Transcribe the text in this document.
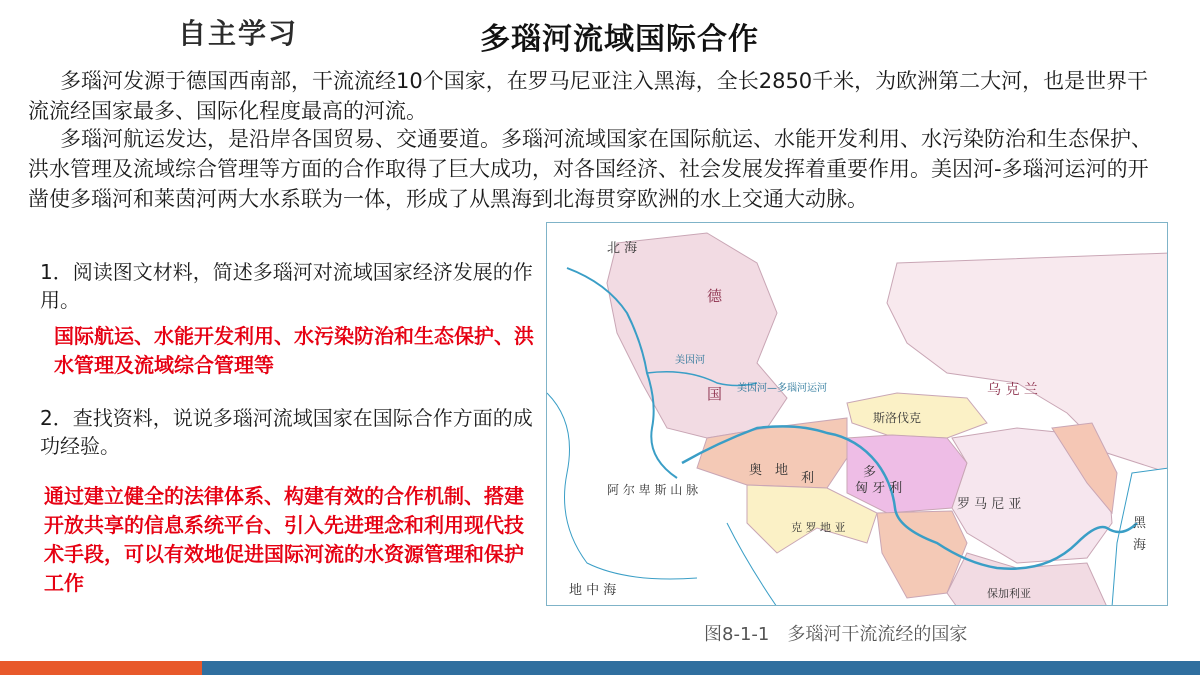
自主学习	多瑙河流域国际合作

多瑙河发源于德国西南部，干流流经10个国家，在罗马尼亚注入黑海，全长2850千米，为欧洲第二大河，也是世界干流流经国家最多、国际化程度最高的河流。

多瑙河航运发达，是沿岸各国贸易、交通要道。多瑙河流域国家在国际航运、水能开发利用、水污染防治和生态保护、洪水管理及流域综合管理等方面的合作取得了巨大成功，对各国经济、社会发展发挥着重要作用。美因河-多瑙河运河的开凿使多瑙河和莱茵河两大水系联为一体，形成了从黑海到北海贯穿欧洲的水上交通大动脉。

1．阅读图文材料，简述多瑙河对流域国家经济发展的作用。
国际航运、水能开发利用、水污染防治和生态保护、洪水管理及流域综合管理等
2．查找资料，说说多瑙河流域国家在国际合作方面的成功经验。
通过建立健全的法律体系、构建有效的合作机制、搭建开放共享的信息系统平台、引入先进理念和利用现代技术手段，可以有效地促进国际河流的水资源管理和保护工作
北 海
德
国
美因河
美因河—多瑙河运河	乌 克 兰
斯洛伐克
奥 地
利	多
匈 牙 利
罗 马 尼 亚
阿 尔 卑 斯 山 脉
克 罗 地 亚
保加利亚
地 中 海
黑 海
图8-1-1　多瑙河干流流经的国家
